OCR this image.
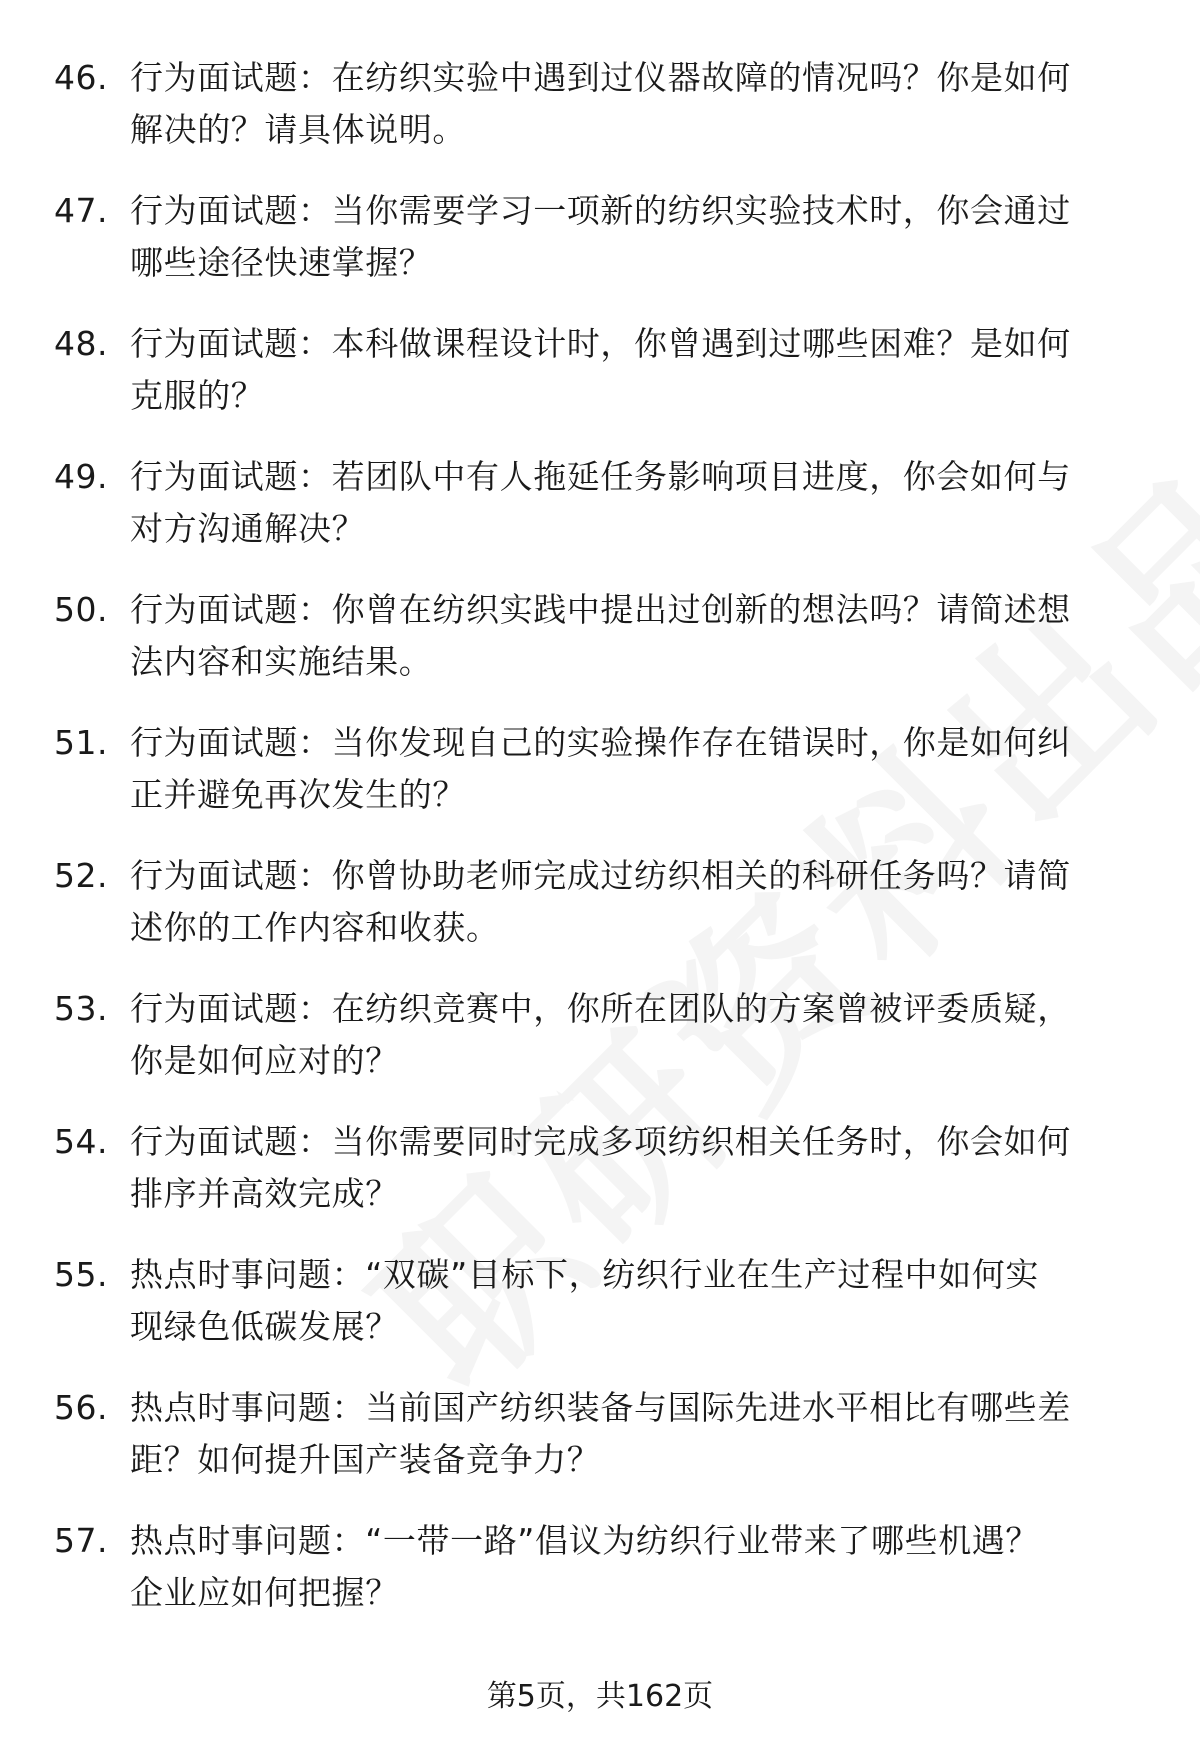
46. 行为面试题：在纺织实验中遇到过仪器故障的情况吗？你是如何
解决的？请具体说明。
47. 行为面试题：当你需要学习一项新的纺织实验技术时，你会通过
哪些途径快速掌握？
48. 行为面试题：本科做课程设计时，你曾遇到过哪些困难？是如何
克服的？
49. 行为面试题：若团队中有人拖延任务影响项目进度，你会如何与
对方沟通解决？
50. 行为面试题：你曾在纺织实践中提出过创新的想法吗？请简述想
法内容和实施结果。
51. 行为面试题：当你发现自己的实验操作存在错误时，你是如何纠
正并避免再次发生的？
52. 行为面试题：你曾协助老师完成过纺织相关的科研任务吗？请简
述你的工作内容和收获。
53. 行为面试题：在纺织竞赛中，你所在团队的方案曾被评委质疑，
你是如何应对的？
54. 行为面试题：当你需要同时完成多项纺织相关任务时，你会如何
排序并高效完成？
55. 热点时事问题：“双碳”目标下，纺织行业在生产过程中如何实
现绿色低碳发展？
56. 热点时事问题：当前国产纺织装备与国际先进水平相比有哪些差
距？如何提升国产装备竞争力？
57. 热点时事问题：“一带一路”倡议为纺织行业带来了哪些机遇？
企业应如何把握？
第5页，共162页
